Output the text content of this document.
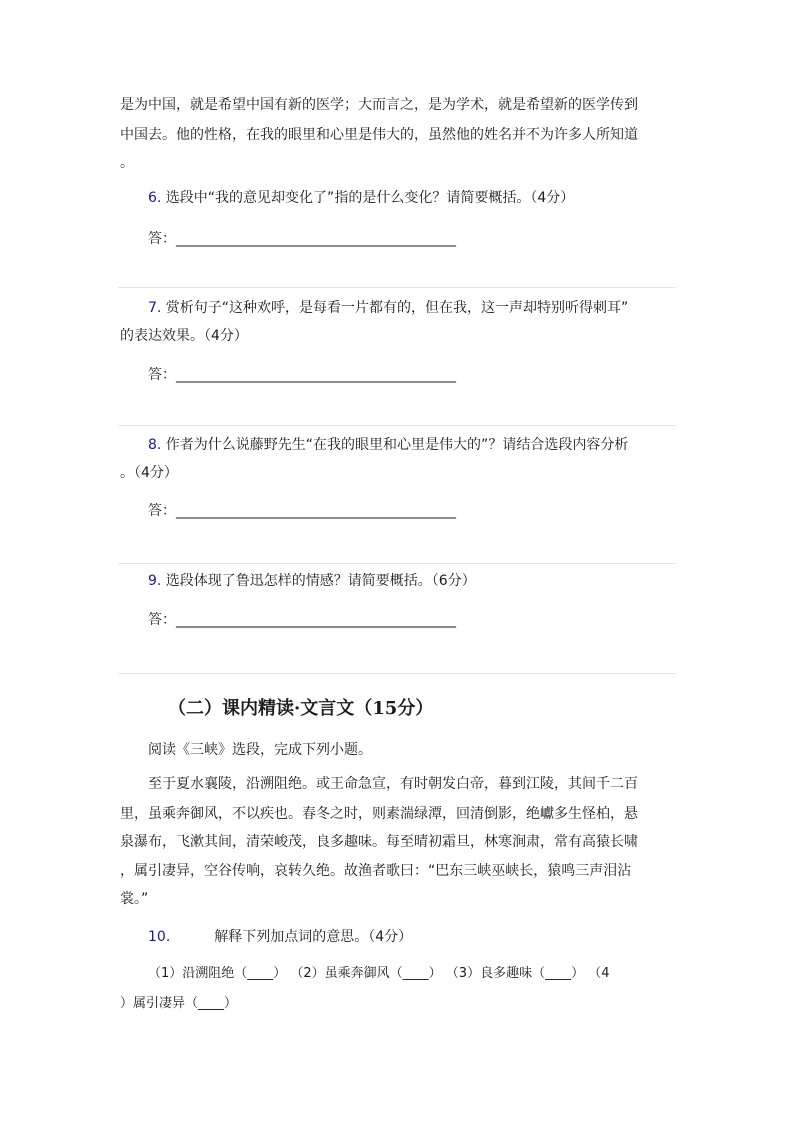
是为中国，就是希望中国有新的医学；大而言之，是为学术，就是希望新的医学传到

中国去。他的性格，在我的眼里和心里是伟大的，虽然他的姓名并不为许多人所知道

。

6. 选段中“我的意见却变化了”指的是什么变化？请简要概括。（4分）

答：________________________________________

7. 赏析句子“这种欢呼，是每看一片都有的，但在我，这一声却特别听得刺耳”

的表达效果。（4分）

答：________________________________________

8. 作者为什么说藤野先生“在我的眼里和心里是伟大的”？请结合选段内容分析

。（4分）

答：________________________________________

9. 选段体现了鲁迅怎样的情感？请简要概括。（6分）

答：________________________________________

（二）课内精读·文言文（15分）

阅读《三峡》选段，完成下列小题。

至于夏水襄陵，沿溯阻绝。或王命急宣，有时朝发白帝，暮到江陵，其间千二百

里，虽乘奔御风，不以疾也。春冬之时，则素湍绿潭，回清倒影，绝巘多生怪柏，悬

泉瀑布，飞漱其间，清荣峻茂，良多趣味。每至晴初霜旦，林寒涧肃，常有高猿长啸

，属引凄异，空谷传响，哀转久绝。故渔者歌曰：“巴东三峡巫峡长，猿鸣三声泪沾

裳。”

10.	解释下列加点词的意思。（4分）

（1）沿溯阻绝（____） （2）虽乘奔御风（____） （3）良多趣味（____） （4

）属引凄异（____）
